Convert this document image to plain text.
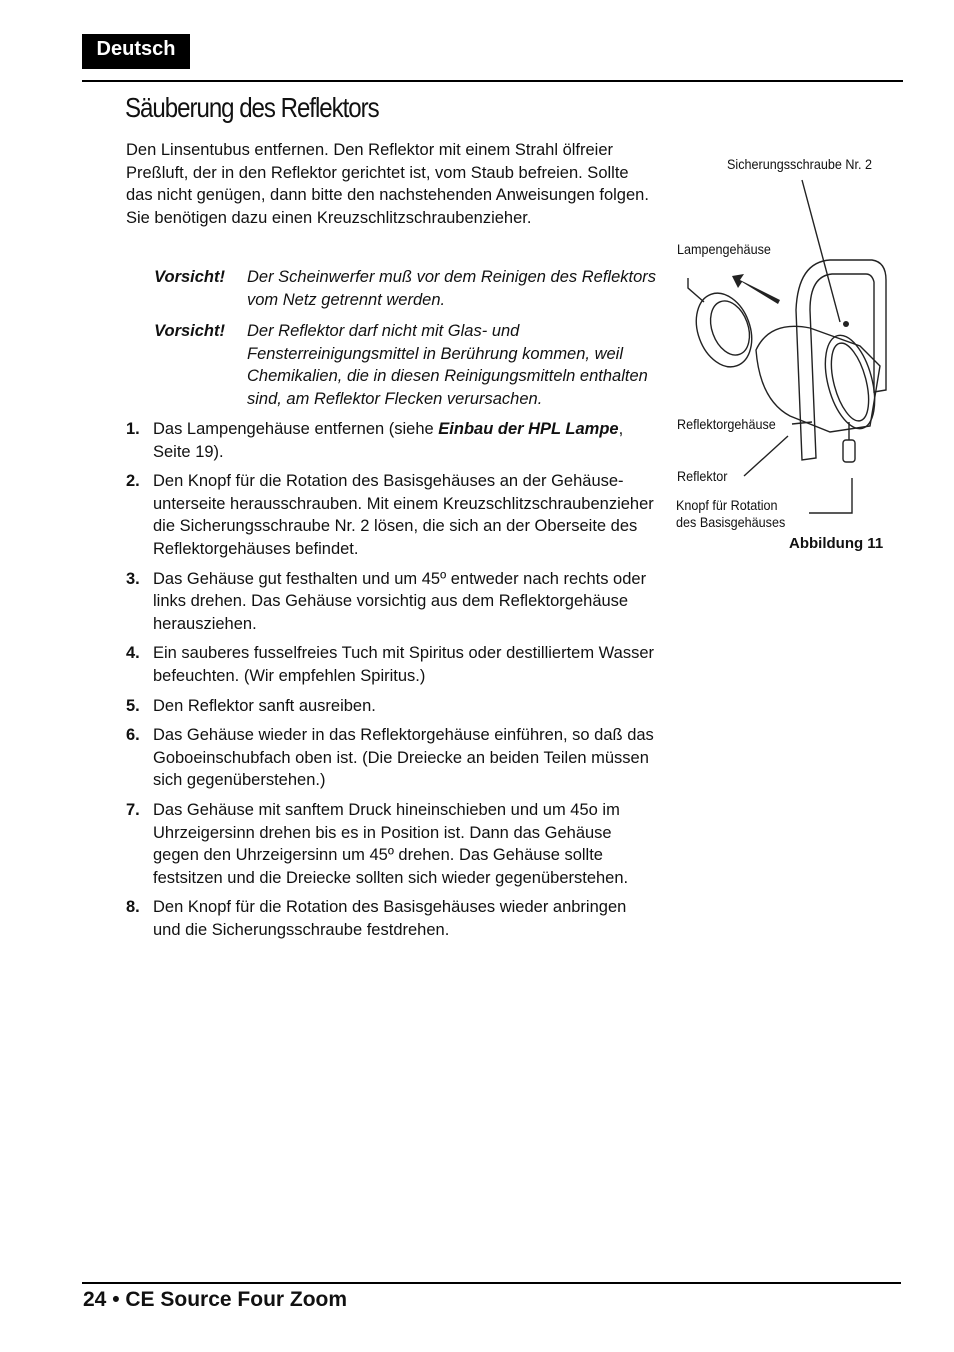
Deutsch
Säuberung des Reflektors

Den Linsentubus entfernen. Den Reflektor mit einem Strahl ölfreier Preßluft, der in den Reflektor gerichtet ist, vom Staub befreien. Sollte das nicht genügen, dann bitte den nachstehenden Anweisungen folgen. Sie benötigen dazu einen Kreuzschlitzschraubenzieher.

Vorsicht!	Der Scheinwerfer muß vor dem Reinigen des Reflektors vom Netz getrennt werden.
Vorsicht!	Der Reflektor darf nicht mit Glas- und Fensterreinigungsmittel in Berührung kommen, weil Chemikalien, die in diesen Reinigungsmitteln enthalten sind, am Reflektor Flecken verursachen.
1. Das Lampengehäuse entfernen (siehe Einbau der HPL Lampe, Seite 19).
2. Den Knopf für die Rotation des Basisgehäuses an der Gehäuse-unterseite herausschrauben. Mit einem Kreuzschlitzschraubenzieher die Sicherungsschraube Nr. 2 lösen, die sich an der Oberseite des Reflektorgehäuses befindet.
3. Das Gehäuse gut festhalten und um 45º entweder nach rechts oder links drehen. Das Gehäuse vorsichtig aus dem Reflektorgehäuse herausziehen.
4. Ein sauberes fusselfreies Tuch mit Spiritus oder destilliertem Wasser befeuchten. (Wir empfehlen Spiritus.)
5. Den Reflektor sanft ausreiben.
6. Das Gehäuse wieder in das Reflektorgehäuse einführen, so daß das Goboeinschubfach oben ist. (Die Dreiecke an beiden Teilen müssen sich gegenüberstehen.)
7. Das Gehäuse mit sanftem Druck hineinschieben und um 45o im Uhrzeigersinn drehen bis es in Position ist. Dann das Gehäuse gegen den Uhrzeigersinn um 45º drehen. Das Gehäuse sollte festsitzen und die Dreiecke sollten sich wieder gegenüberstehen.
8. Den Knopf für die Rotation des Basisgehäuses wieder anbringen und die Sicherungsschraube festdrehen.
Sicherungsschraube Nr. 2
Lampengehäuse
Reflektorgehäuse
Reflektor
Knopf für Rotation
des Basisgehäuses
Abbildung 11
24 • CE Source Four Zoom
